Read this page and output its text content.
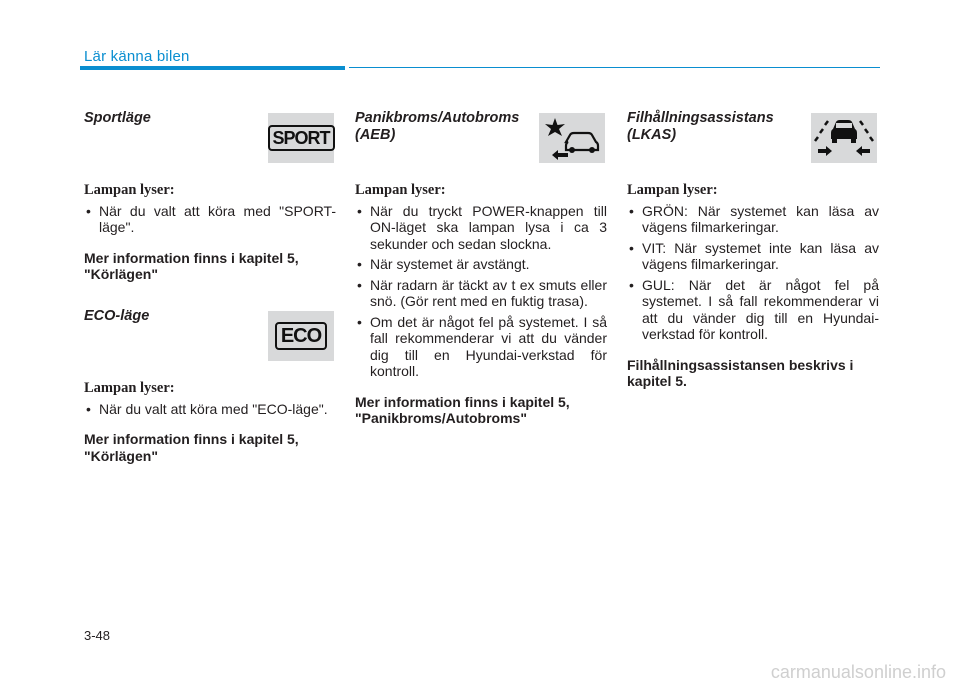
Lär känna bilen

Sportläge

SPORT

Lampan lyser:

• När du valt att köra med "SPORT-läge".

Mer information finns i kapitel 5, "Körlägen"

ECO-läge

ECO

Lampan lyser:

• När du valt att köra med "ECO-läge".

Mer information finns i kapitel 5, "Körlägen"

Panikbroms/Autobroms
(AEB)

Lampan lyser:

• När du tryckt POWER-knappen till ON-läget ska lampan lysa i ca 3 sekunder och sedan slockna.
• När systemet är avstängt.
• När radarn är täckt av t ex smuts eller snö. (Gör rent med en fuktig trasa).
• Om det är något fel på systemet. I så fall rekommenderar vi att du vänder dig till en Hyundai-verkstad för kontroll.

Mer information finns i kapitel 5, "Panikbroms/Autobroms"

Filhållningsassistans
(LKAS)

Lampan lyser:

• GRÖN: När systemet kan läsa av vägens filmarkeringar.
• VIT: När systemet inte kan läsa av vägens filmarkeringar.
• GUL: När det är något fel på systemet. I så fall rekommenderar vi att du vänder dig till en Hyundai-verkstad för kontroll.

Filhållningsassistansen beskrivs i kapitel 5.

3-48
carmanualsonline.info
